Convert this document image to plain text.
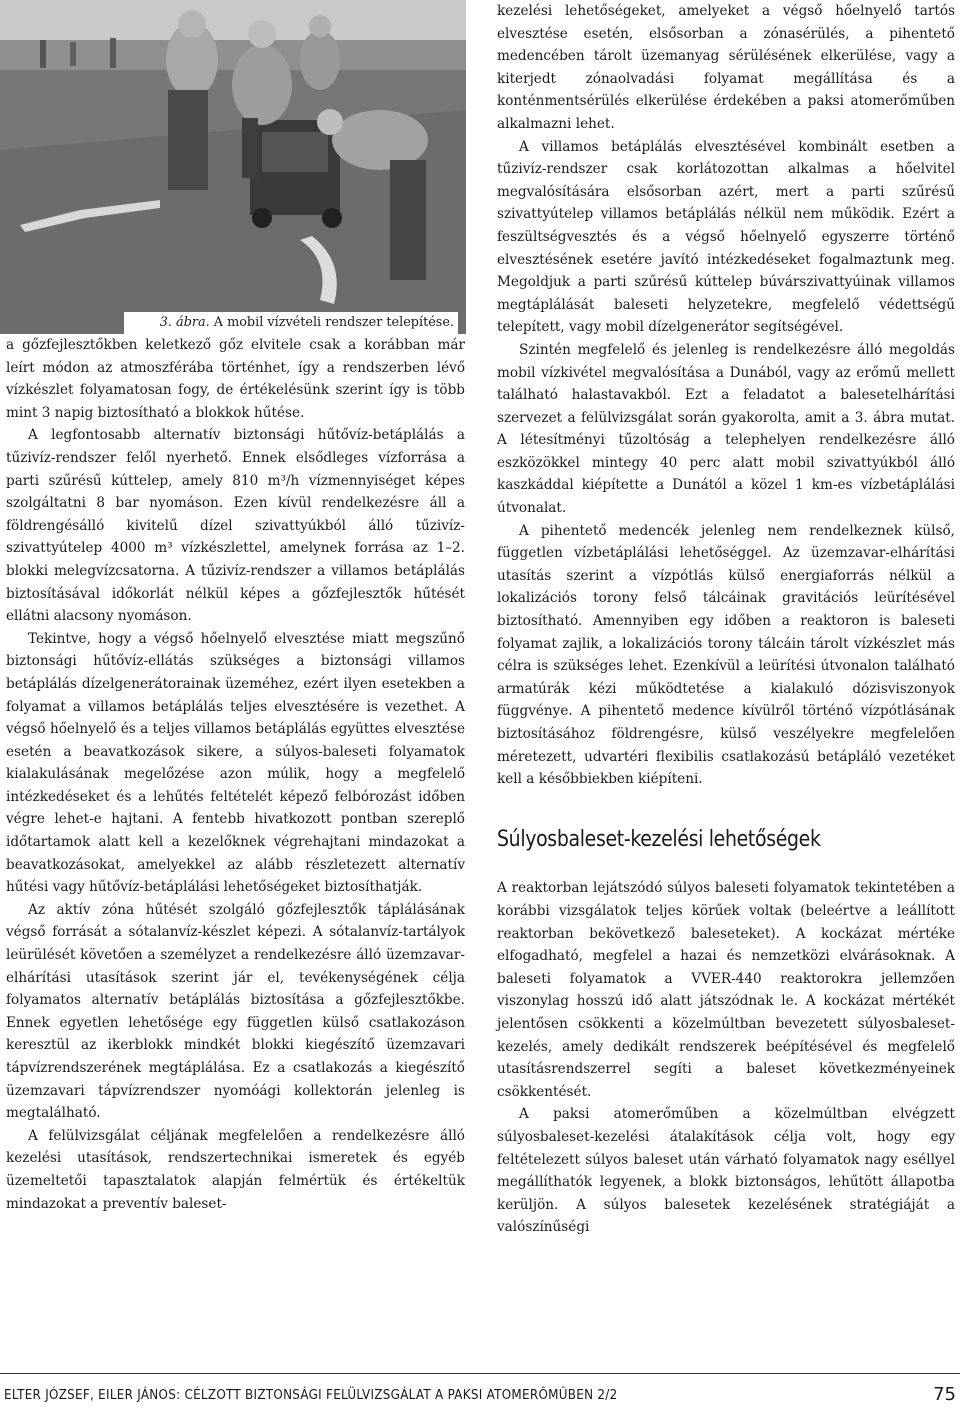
3. ábra. A mobil vízvételi rendszer telepítése.

a gőzfejlesztőkben keletkező gőz elvitele csak a korábban már leírt módon az atmoszférába történhet, így a rendszerben lévő vízkészlet folyamatosan fogy, de értékelésünk szerint így is több mint 3 napig biztosítható a blokkok hűtése.

A legfontosabb alternatív biztonsági hűtővíz-betáplálás a tűzivíz-rendszer felől nyerhető. Ennek elsődleges vízforrása a parti szűrésű kúttelep, amely 810 m³/h vízmennyiséget képes szolgáltatni 8 bar nyomáson. Ezen kívül rendelkezésre áll a földrengésálló kivitelű dízel szivattyúkból álló tűzivíz-szivattyútelep 4000 m³ vízkészlettel, amelynek forrása az 1–2. blokki melegvízcsatorna. A tűzivíz-rendszer a villamos betáplálás biztosításával időkorlát nélkül képes a gőzfejlesztők hűtését ellátni alacsony nyomáson.

Tekintve, hogy a végső hőelnyelő elvesztése miatt megszűnő biztonsági hűtővíz-ellátás szükséges a biztonsági villamos betáplálás dízelgenerátorainak üzeméhez, ezért ilyen esetekben a folyamat a villamos betáplálás teljes elvesztésére is vezethet. A végső hőelnyelő és a teljes villamos betáplálás együttes elvesztése esetén a beavatkozások sikere, a súlyos-baleseti folyamatok kialakulásának megelőzése azon múlik, hogy a megfelelő intézkedéseket és a lehűtés feltételét képező felbórozást időben végre lehet-e hajtani. A fentebb hivatkozott pontban szereplő időtartamok alatt kell a kezelőknek végrehajtani mindazokat a beavatkozásokat, amelyekkel az alább részletezett alternatív hűtési vagy hűtővíz-betáplálási lehetőségeket biztosíthatják.

Az aktív zóna hűtését szolgáló gőzfejlesztők táplálásának végső forrását a sótalanvíz-készlet képezi. A sótalanvíz-tartályok leürülését követően a személyzet a rendelkezésre álló üzemzavar-elhárítási utasítások szerint jár el, tevékenységének célja folyamatos alternatív betáplálás biztosítása a gőzfejlesztőkbe. Ennek egyetlen lehetősége egy független külső csatlakozáson keresztül az ikerblokk mindkét blokki kiegészítő üzemzavari tápvízrendszerének megtáplálása. Ez a csatlakozás a kiegészítő üzemzavari tápvízrendszer nyomóági kollektorán jelenleg is megtalálható.

A felülvizsgálat céljának megfelelően a rendelkezésre álló kezelési utasítások, rendszertechnikai ismeretek és egyéb üzemeltetői tapasztalatok alapján felmértük és értékeltük mindazokat a preventív baleset-

kezelési lehetőségeket, amelyeket a végső hőelnyelő tartós elvesztése esetén, elsősorban a zónasérülés, a pihentető medencében tárolt üzemanyag sérülésének elkerülése, vagy a kiterjedt zónaolvadási folyamat megállítása és a konténmentsérülés elkerülése érdekében a paksi atomerőműben alkalmazni lehet.

A villamos betáplálás elvesztésével kombinált esetben a tűzivíz-rendszer csak korlátozottan alkalmas a hőelvitel megvalósítására elsősorban azért, mert a parti szűrésű szivattyútelep villamos betáplálás nélkül nem működik. Ezért a feszültségvesztés és a végső hőelnyelő egyszerre történő elvesztésének esetére javító intézkedéseket fogalmaztunk meg. Megoldjuk a parti szűrésű kúttelep búvárszivattyúinak villamos megtáplálását baleseti helyzetekre, megfelelő védettségű telepített, vagy mobil dízelgenerátor segítségével.

Szintén megfelelő és jelenleg is rendelkezésre álló megoldás mobil vízkivétel megvalósítása a Dunából, vagy az erőmű mellett található halastavakból. Ezt a feladatot a balesetelhárítási szervezet a felülvizsgálat során gyakorolta, amit a 3. ábra mutat. A létesítményi tűzoltóság a telephelyen rendelkezésre álló eszközökkel mintegy 40 perc alatt mobil szivattyúkból álló kaszkáddal kiépítette a Dunától a közel 1 km-es vízbetáplálási útvonalat.

A pihentető medencék jelenleg nem rendelkeznek külső, független vízbetáplálási lehetőséggel. Az üzemzavar-elhárítási utasítás szerint a vízpótlás külső energiaforrás nélkül a lokalizációs torony felső tálcáinak gravitációs leürítésével biztosítható. Amennyiben egy időben a reaktoron is baleseti folyamat zajlik, a lokalizációs torony tálcáin tárolt vízkészlet más célra is szükséges lehet. Ezenkívül a leürítési útvonalon található armatúrák kézi működtetése a kialakuló dózisviszonyok függvénye. A pihentető medence kívülről történő vízpótlásának biztosításához földrengésre, külső veszélyekre megfelelően méretezett, udvartéri flexibilis csatlakozású betápláló vezetéket kell a későbbiekben kiépíteni.

Súlyosbaleset-kezelési lehetőségek

A reaktorban lejátszódó súlyos baleseti folyamatok tekintetében a korábbi vizsgálatok teljes körűek voltak (beleértve a leállított reaktorban bekövetkező baleseteket). A kockázat mértéke elfogadható, megfelel a hazai és nemzetközi elvárásoknak. A baleseti folyamatok a VVER-440 reaktorokra jellemzően viszonylag hosszú idő alatt játszódnak le. A kockázat mértékét jelentősen csökkenti a közelmúltban bevezetett súlyosbaleset-kezelés, amely dedikált rendszerek beépítésével és megfelelő utasításrendszerrel segíti a baleset következményeinek csökkentését.

A paksi atomerőműben a közelmúltban elvégzett súlyosbaleset-kezelési átalakítások célja volt, hogy egy feltételezett súlyos baleset után várható folyamatok nagy eséllyel megállíthatók legyenek, a blokk biztonságos, lehűtött állapotba kerüljön. A súlyos balesetek kezelésének stratégiáját a valószínűségi

ELTER JÓZSEF, EILER JÁNOS: CÉLZOTT BIZTONSÁGI FELÜLVIZSGÁLAT A PAKSI ATOMERÔMÛBEN 2/2	75
